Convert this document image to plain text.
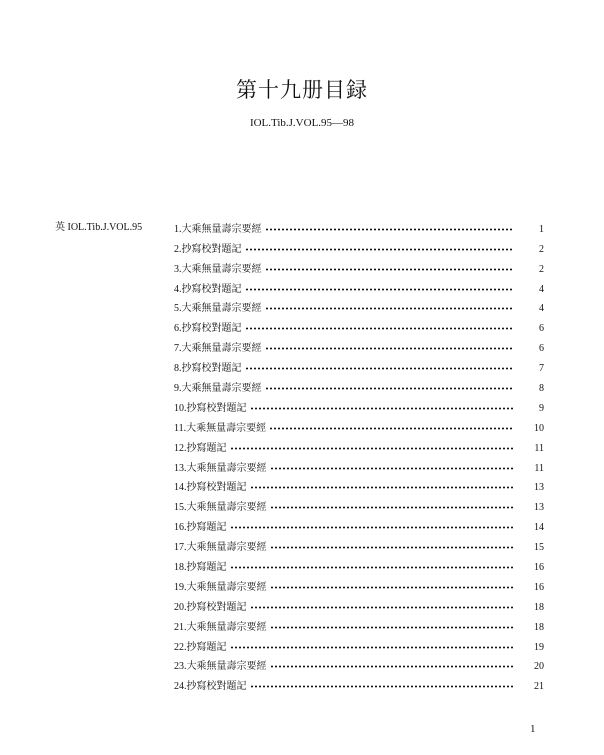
第十九册目録
IOL.Tib.J.VOL.95—98
英 IOL.Tib.J.VOL.95	1.大乘無量壽宗要經	1
2.抄寫校對題記	2
3.大乘無量壽宗要經	2
4.抄寫校對題記	4
5.大乘無量壽宗要經	4
6.抄寫校對題記	6
7.大乘無量壽宗要經	6
8.抄寫校對題記	7
9.大乘無量壽宗要經	8
10.抄寫校對題記	9
11.大乘無量壽宗要經	10
12.抄寫題記	11
13.大乘無量壽宗要經	11
14.抄寫校對題記	13
15.大乘無量壽宗要經	13
16.抄寫題記	14
17.大乘無量壽宗要經	15
18.抄寫題記	16
19.大乘無量壽宗要經	16
20.抄寫校對題記	18
21.大乘無量壽宗要經	18
22.抄寫題記	19
23.大乘無量壽宗要經	20
24.抄寫校對題記	21
1
